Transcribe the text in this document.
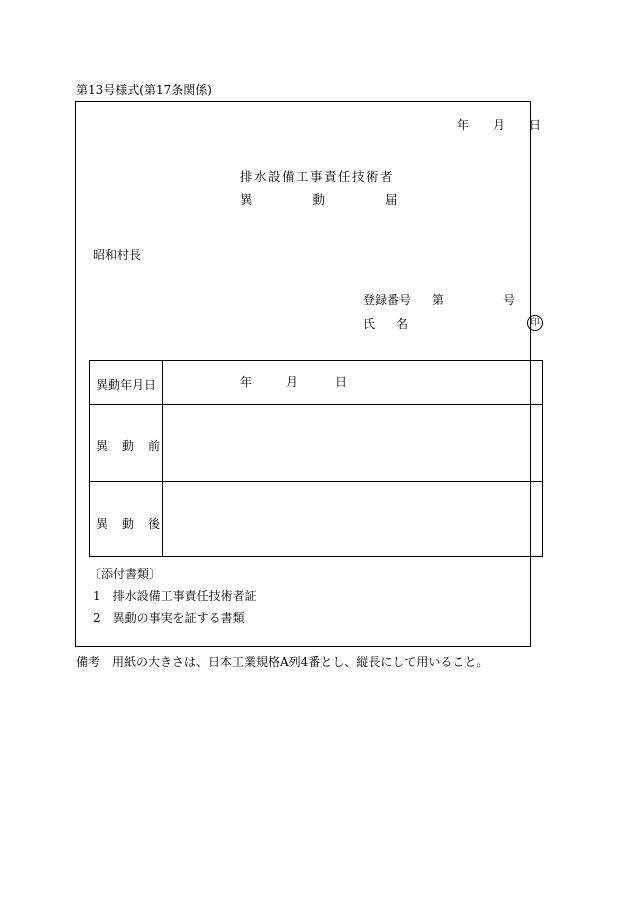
第13号様式(第17条関係)
年 月 日
排水設備工事責任技術者
異	動	届
昭和村長
登録番号 第	号
氏 名	印
異動年月日	年	月	日
異 動 前
異 動 後
〔添付書類〕
1 排水設備工事責任技術者証
2 異動の事実を証する書類
備考 用紙の大きさは、日本工業規格A列4番とし、縦長にして用いること。
